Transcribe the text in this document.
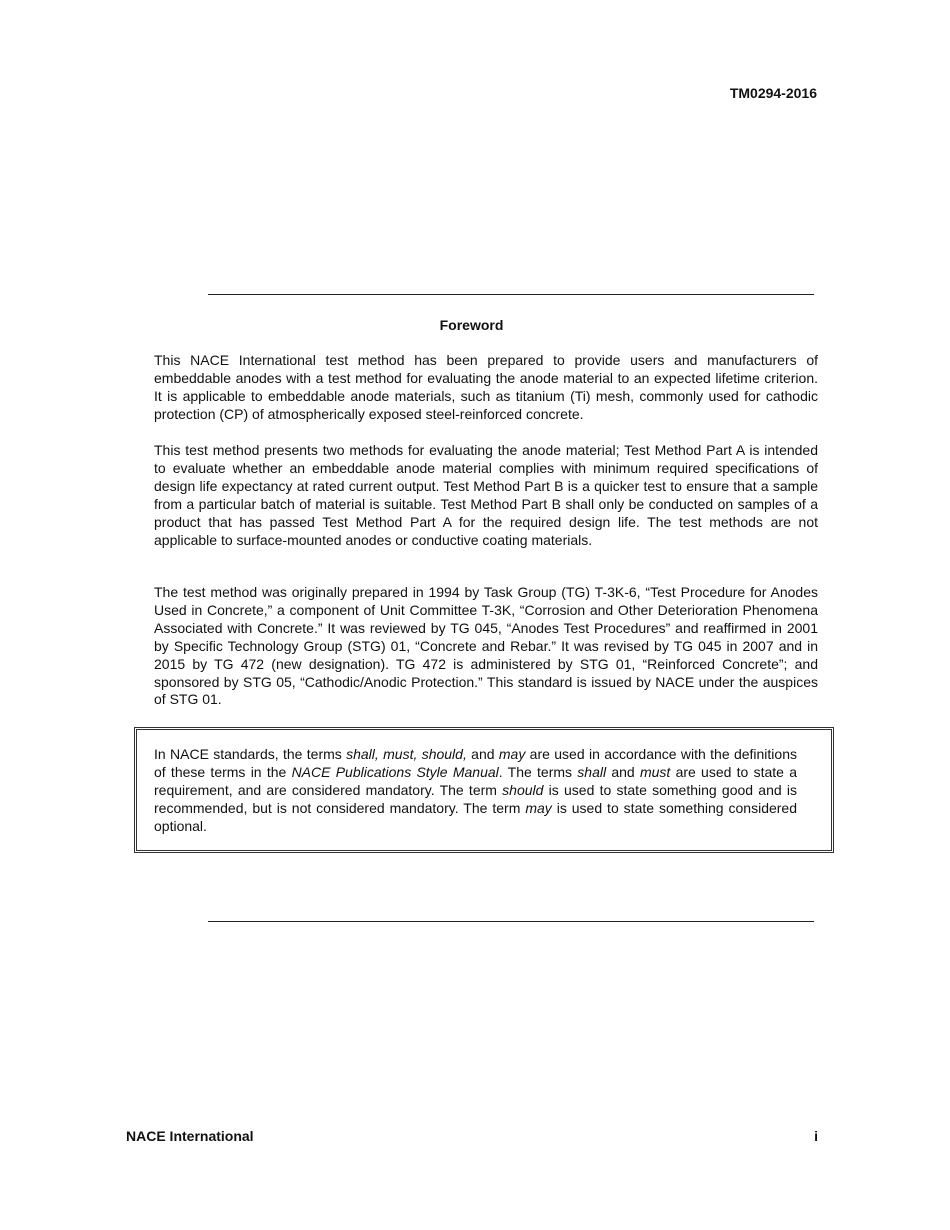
TM0294-2016
Foreword

This NACE International test method has been prepared to provide users and manufacturers of embeddable anodes with a test method for evaluating the anode material to an expected lifetime criterion. It is applicable to embeddable anode materials, such as titanium (Ti) mesh, commonly used for cathodic protection (CP) of atmospherically exposed steel-reinforced concrete.

This test method presents two methods for evaluating the anode material; Test Method Part A is intended to evaluate whether an embeddable anode material complies with minimum required specifications of design life expectancy at rated current output. Test Method Part B is a quicker test to ensure that a sample from a particular batch of material is suitable. Test Method Part B shall only be conducted on samples of a product that has passed Test Method Part A for the required design life. The test methods are not applicable to surface-mounted anodes or conductive coating materials.

The test method was originally prepared in 1994 by Task Group (TG) T-3K-6, “Test Procedure for Anodes Used in Concrete,” a component of Unit Committee T-3K, “Corrosion and Other Deterioration Phenomena Associated with Concrete.” It was reviewed by TG 045, “Anodes Test Procedures” and reaffirmed in 2001 by Specific Technology Group (STG) 01, “Concrete and Rebar.” It was revised by TG 045 in 2007 and in 2015 by TG 472 (new designation). TG 472 is administered by STG 01, “Reinforced Concrete”; and sponsored by STG 05, “Cathodic/Anodic Protection.” This standard is issued by NACE under the auspices of STG 01.

In NACE standards, the terms shall, must, should, and may are used in accordance with the definitions of these terms in the NACE Publications Style Manual. The terms shall and must are used to state a requirement, and are considered mandatory. The term should is used to state something good and is recommended, but is not considered mandatory. The term may is used to state something considered optional.

NACE International	i
